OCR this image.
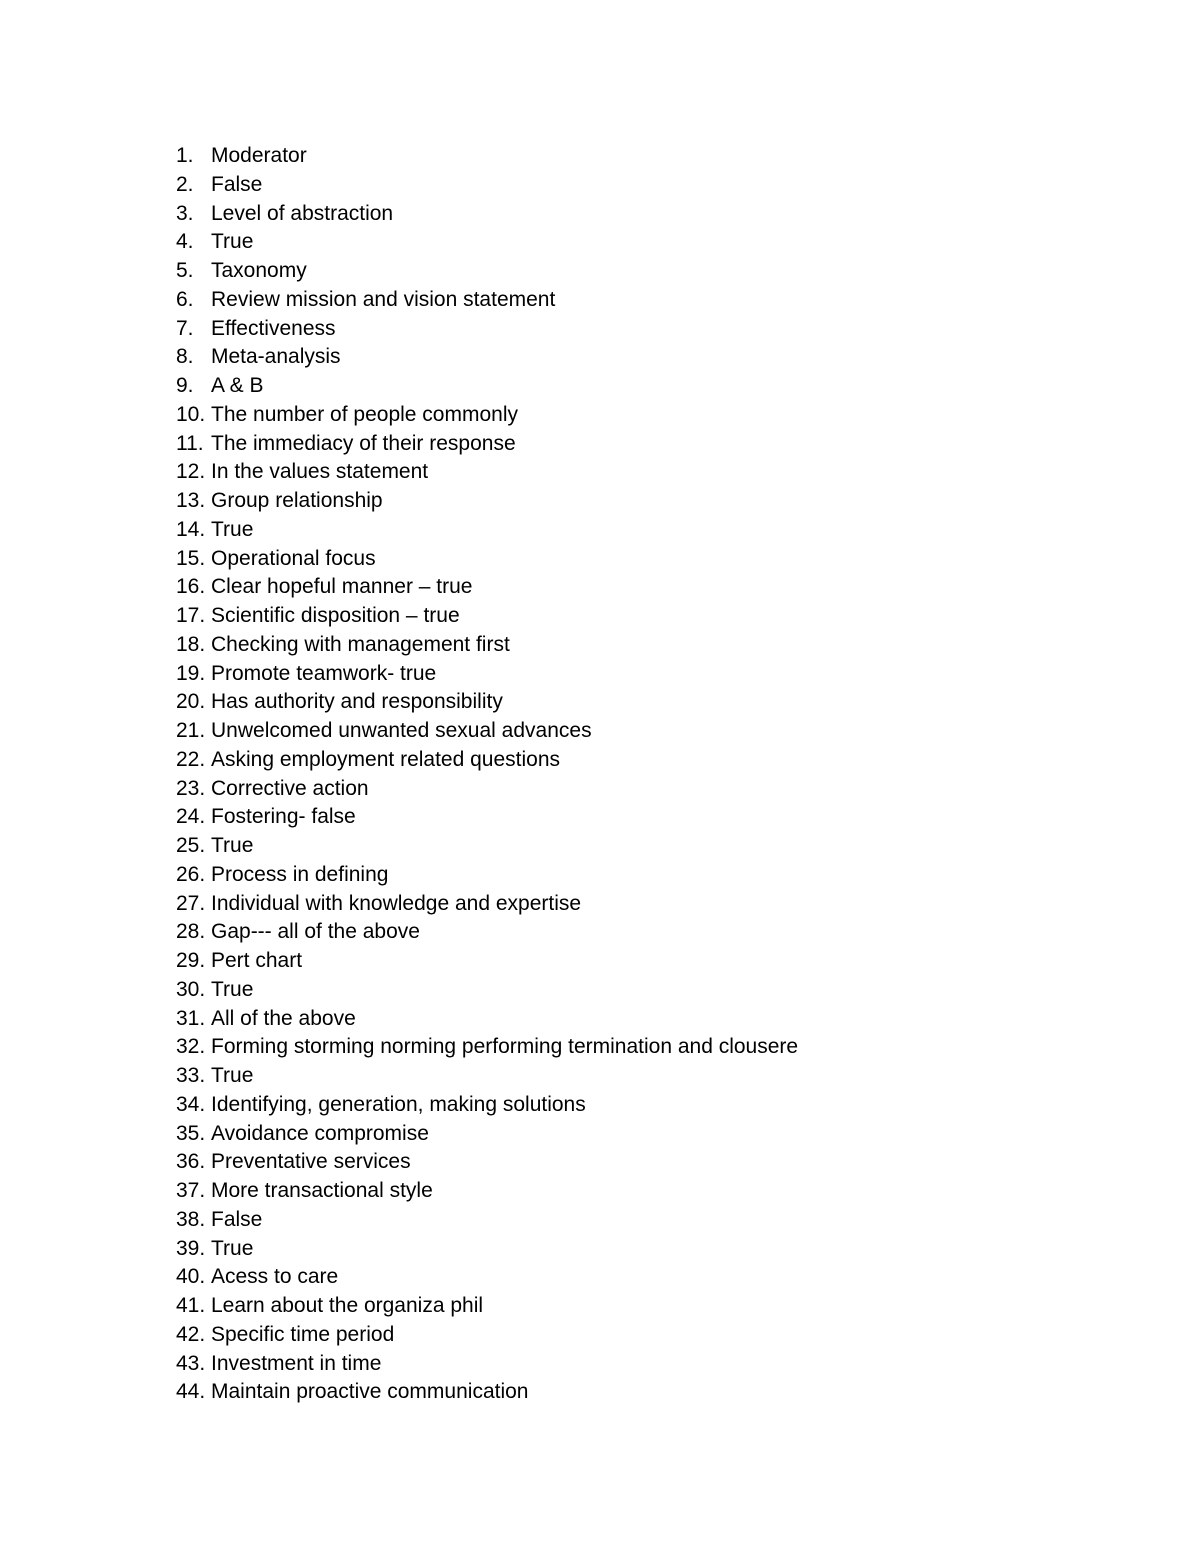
1. Moderator
2. False
3. Level of abstraction
4. True
5. Taxonomy
6. Review mission and vision statement
7. Effectiveness
8. Meta-analysis
9. A & B
10. The number of people commonly
11. The immediacy of their response
12. In the values statement
13. Group relationship
14. True
15. Operational focus
16. Clear hopeful manner – true
17. Scientific disposition – true
18. Checking with management first
19. Promote teamwork- true
20. Has authority and responsibility
21. Unwelcomed unwanted sexual advances
22. Asking employment related questions
23. Corrective action
24. Fostering- false
25. True
26. Process in defining
27. Individual with knowledge and expertise
28. Gap--- all of the above
29. Pert chart
30. True
31. All of the above
32. Forming storming norming performing termination and clousere
33. True
34. Identifying, generation, making solutions
35. Avoidance compromise
36. Preventative services
37. More transactional style
38. False
39. True
40. Acess to care
41. Learn about the organiza phil
42. Specific time period
43. Investment in time
44. Maintain proactive communication
